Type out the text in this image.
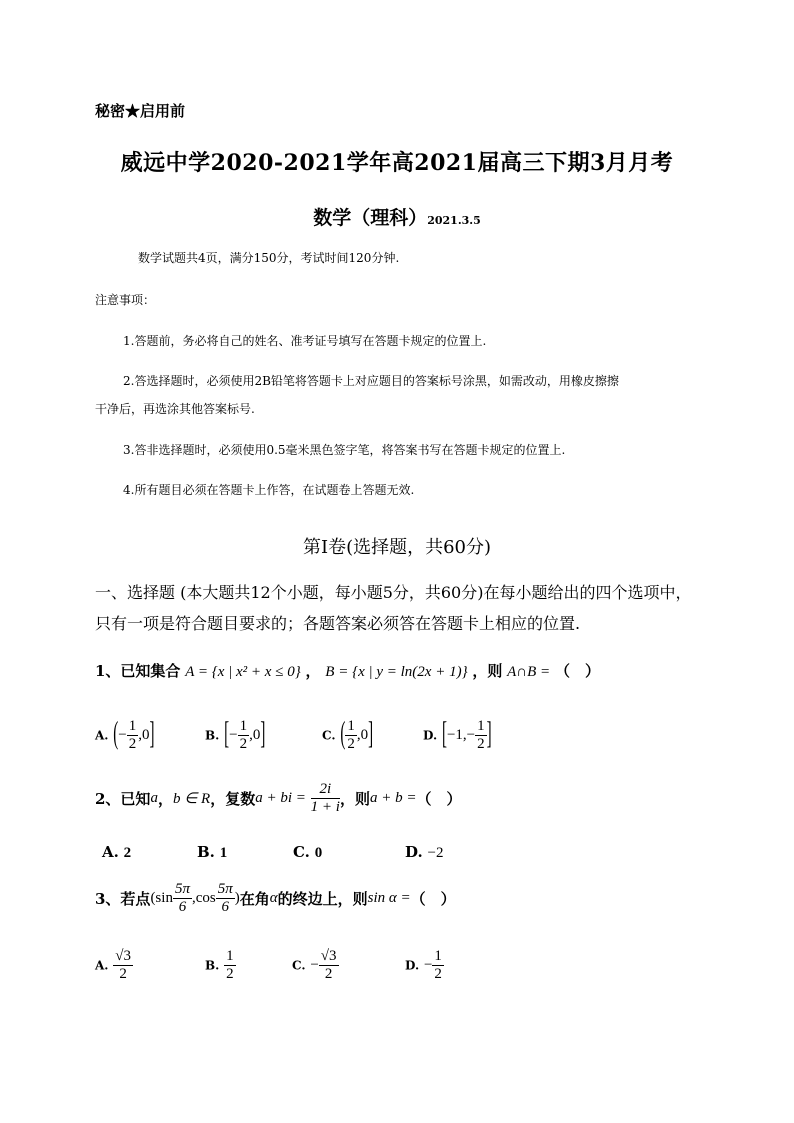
秘密★启用前
威远中学2020-2021学年高2021届高三下期3月月考
数学（理科）2021.3.5
数学试题共4页，满分150分，考试时间120分钟.
注意事项：
1.答题前，务必将自己的姓名、准考证号填写在答题卡规定的位置上.
2.答选择题时，必须使用2B铅笔将答题卡上对应题目的答案标号涂黑，如需改动，用橡皮擦擦
干净后，再选涂其他答案标号.
3.答非选择题时，必须使用0.5毫米黑色签字笔，将答案书写在答题卡规定的位置上.
4.所有题目必须在答题卡上作答，在试题卷上答题无效.
第Ⅰ卷(选择题，共60分)
一、选择题 (本大题共12个小题，每小题5分，共60分)在每小题给出的四个选项中，
只有一项是符合题目要求的；各题答案必须答在答题卡上相应的位置.
1、已知集合 A = {x | x² + x ≤ 0} ， B = {x | y = ln(2x + 1)} ，则 A∩B = （　）
A. (− $\frac{1}{2} ,0$]	B. [− $\frac{1}{2} ,0$]	C. ( $\frac{1}{2} ,0$]	D. [$-1,- \frac{1}{2}$ ]
2、已知a，b ∈ R，复数a + bi = $\frac{2i}{1 + i}$ ，则a + b =（　）
A. 2	B. 1	C. 0	D. −2
3、若点($\sin \frac{5\pi}{6} ,\cos \frac{5\pi}{6}$ )在角α的终边上，则sin α =（　）
A. $\frac{√3}{2}$	B. $\frac{1}{2}$	C. − $\frac{√3}{2}$	D. − $\frac{1}{2}$
